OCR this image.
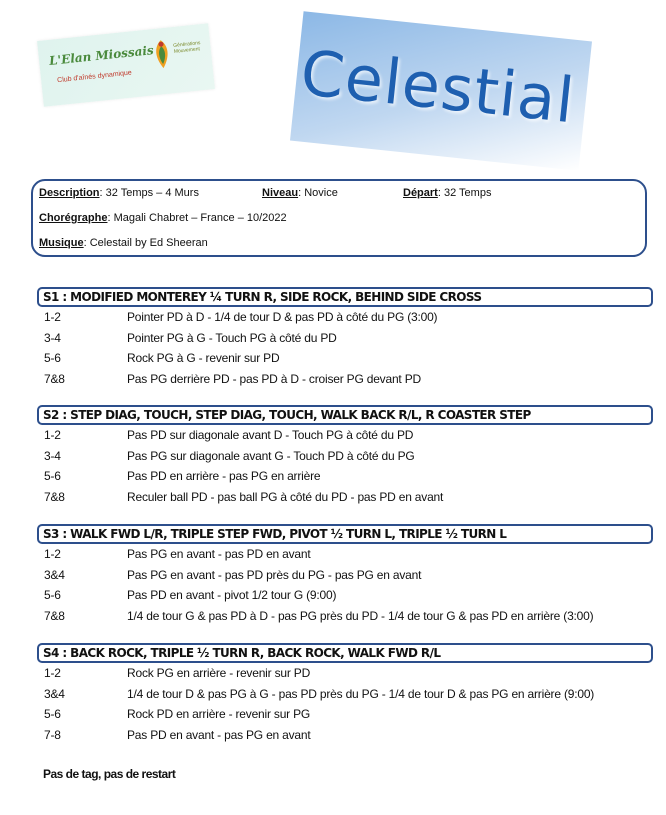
L'Elan Miossais
Club d'aînés dynamique
Générations Mouvement Celestial
Description: 32 Temps – 4 Murs	Niveau: Novice	Départ: 32 Temps
Chorégraphe: Magali Chabret – France – 10/2022
Musique: Celestail by Ed Sheeran
S1 : MODIFIED MONTEREY ¼ TURN R, SIDE ROCK, BEHIND SIDE CROSS
1-2	Pointer PD à D - 1/4 de tour D & pas PD à côté du PG (3:00)
3-4	Pointer PG à G - Touch PG à côté du PD
5-6	Rock PG à G - revenir sur PD
7&8	Pas PG derrière PD - pas PD à D - croiser PG devant PD
S2 : STEP DIAG, TOUCH, STEP DIAG, TOUCH, WALK BACK R/L, R COASTER STEP
1-2	Pas PD sur diagonale avant D - Touch PG à côté du PD
3-4	Pas PG sur diagonale avant G - Touch PD à côté du PG
5-6	Pas PD en arrière - pas PG en arrière
7&8	Reculer ball PD - pas ball PG à côté du PD - pas PD en avant
S3 : WALK FWD L/R, TRIPLE STEP FWD, PIVOT ½ TURN L, TRIPLE ½ TURN L
1-2	Pas PG en avant - pas PD en avant
3&4	Pas PG en avant - pas PD près du PG - pas PG en avant
5-6	Pas PD en avant - pivot 1/2 tour G (9:00)
7&8	1/4 de tour G & pas PD à D - pas PG près du PD - 1/4 de tour G & pas PD en arrière (3:00)
S4 : BACK ROCK, TRIPLE ½ TURN R, BACK ROCK, WALK FWD R/L
1-2	Rock PG en arrière - revenir sur PD
3&4	1/4 de tour D & pas PG à G - pas PD près du PG - 1/4 de tour D & pas PG en arrière (9:00)
5-6	Rock PD en arrière - revenir sur PG
7-8	Pas PD en avant - pas PG en avant
Pas de tag, pas de restart
